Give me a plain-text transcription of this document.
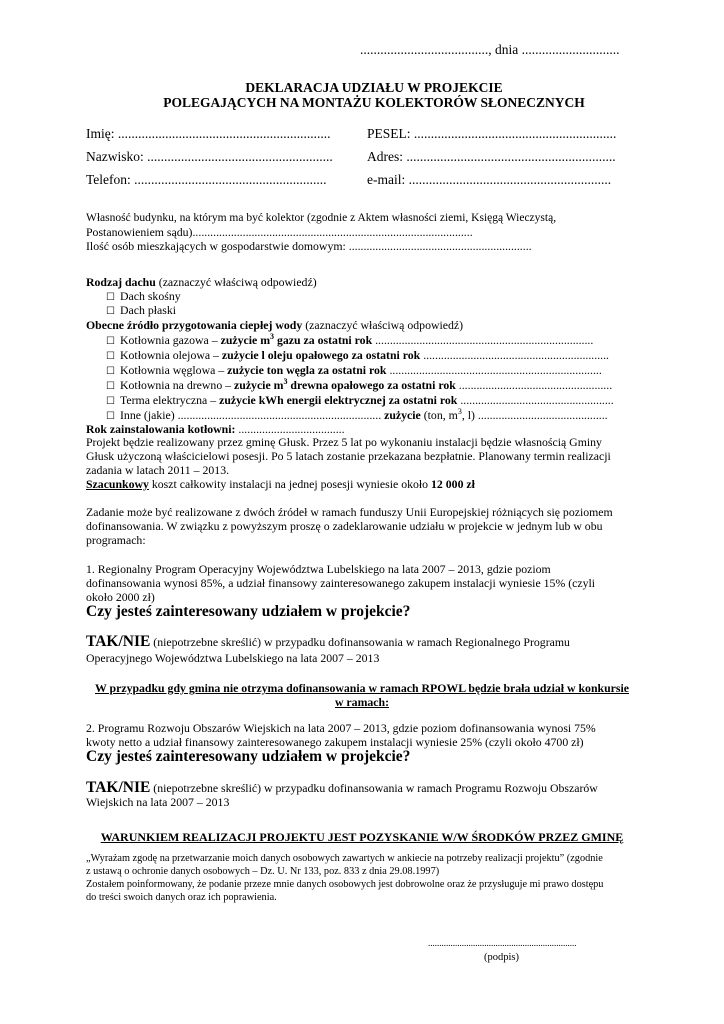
......................................, dnia .............................
DEKLARACJA UDZIAŁU W PROJEKCIE
POLEGAJĄCYCH NA MONTAŻU KOLEKTORÓW SŁONECZNYCH
Imię: ...............................................................	PESEL: ............................................................
Nazwisko: .......................................................	Adres: ..............................................................
Telefon: .........................................................	e-mail: ............................................................
Własność budynku, na którym ma być kolektor (zgodnie z Aktem własności ziemi, Księgą Wieczystą,
Postanowieniem sądu)...............................................................................................
Ilość osób mieszkających w gospodarstwie domowym: ..............................................................
Rodzaj dachu (zaznaczyć właściwą odpowiedź)
☐ Dach skośny
☐ Dach płaski
Obecne źródło przygotowania ciepłej wody (zaznaczyć właściwą odpowiedź)
☐ Kotłownia gazowa – zużycie $m^3$ gazu za ostatni rok ..........................................................................
☐ Kotłownia olejowa – zużycie l oleju opałowego za ostatni rok ...............................................................
☐ Kotłownia węglowa – zużycie ton węgla za ostatni rok ........................................................................
☐ Kotłownia na drewno – zużycie $m^3$ drewna opałowego za ostatni rok ....................................................
☐ Terma elektryczna – zużycie kWh energii elektrycznej za ostatni rok ....................................................
☐ Inne (jakie) ..................................................................... zużycie (ton, $m^3$, l) ............................................
Rok zainstalowania kotłowni: ....................................
Projekt będzie realizowany przez gminę Głusk. Przez 5 lat po wykonaniu instalacji będzie własnością Gminy
Głusk użyczoną właścicielowi posesji. Po 5 latach zostanie przekazana bezpłatnie. Planowany termin realizacji
zadania w latach 2011 – 2013.
Szacunkowy koszt całkowity instalacji na jednej posesji wyniesie około 12 000 zł
Zadanie może być realizowane z dwóch źródeł w ramach funduszy Unii Europejskiej różniących się poziomem
dofinansowania. W związku z powyższym proszę o zadeklarowanie udziału w projekcie w jednym lub w obu
programach:
1. Regionalny Program Operacyjny Województwa Lubelskiego na lata 2007 – 2013, gdzie poziom
dofinansowania wynosi 85%, a udział finansowy zainteresowanego zakupem instalacji wyniesie 15% (czyli
około 2000 zł)
Czy jesteś zainteresowany udziałem w projekcie?
TAK/NIE (niepotrzebne skreślić) w przypadku dofinansowania w ramach Regionalnego Programu
Operacyjnego Województwa Lubelskiego na lata 2007 – 2013
W przypadku gdy gmina nie otrzyma dofinansowania w ramach RPOWL będzie brała udział w konkursie
w ramach:
2. Programu Rozwoju Obszarów Wiejskich na lata 2007 – 2013, gdzie poziom dofinansowania wynosi 75%
kwoty netto a udział finansowy zainteresowanego zakupem instalacji wyniesie 25% (czyli około 4700 zł)
Czy jesteś zainteresowany udziałem w projekcie?
TAK/NIE (niepotrzebne skreślić) w przypadku dofinansowania w ramach Programu Rozwoju Obszarów
Wiejskich na lata 2007 – 2013
WARUNKIEM REALIZACJI PROJEKTU JEST POZYSKANIE W/W ŚRODKÓW PRZEZ GMINĘ
„Wyrażam zgodę na przetwarzanie moich danych osobowych zawartych w ankiecie na potrzeby realizacji projektu” (zgodnie
z ustawą o ochronie danych osobowych – Dz. U. Nr 133, poz. 833 z dnia 29.08.1997)
Zostałem poinformowany, że podanie przeze mnie danych osobowych jest dobrowolne oraz że przysługuje mi prawo dostępu
do treści swoich danych oraz ich poprawienia.
..................................................................
(podpis)
